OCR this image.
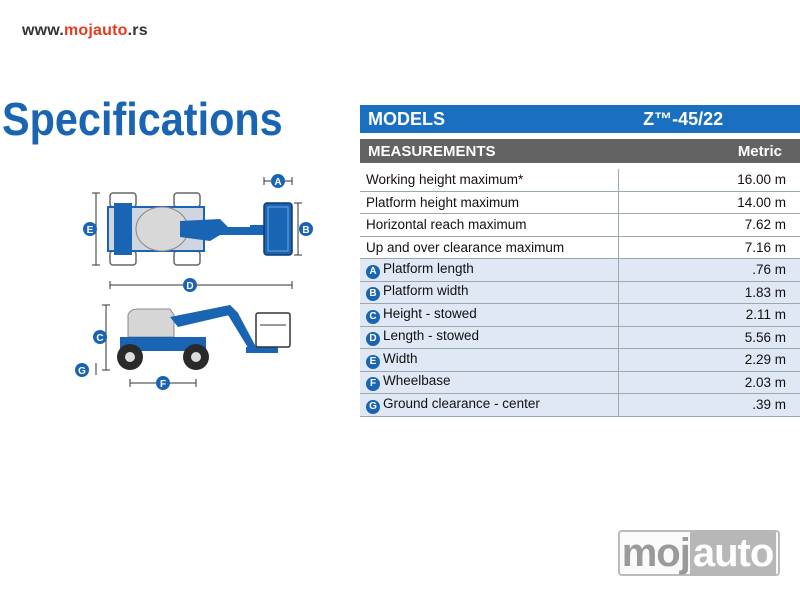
www.mojauto.rs
Specifications
A
B
C
D
E
F
G
MODELS	Z™-45/22

MEASUREMENTS	Metric

Working height maximum*	16.00 m
Platform height maximum	14.00 m
Horizontal reach maximum	7.62 m
Up and over clearance maximum	7.16 m
A Platform length	.76 m
B Platform width	1.83 m
C Height - stowed	2.11 m
D Length - stowed	5.56 m
E Width	2.29 m
F Wheelbase	2.03 m
G Ground clearance - center	.39 m
moj auto
